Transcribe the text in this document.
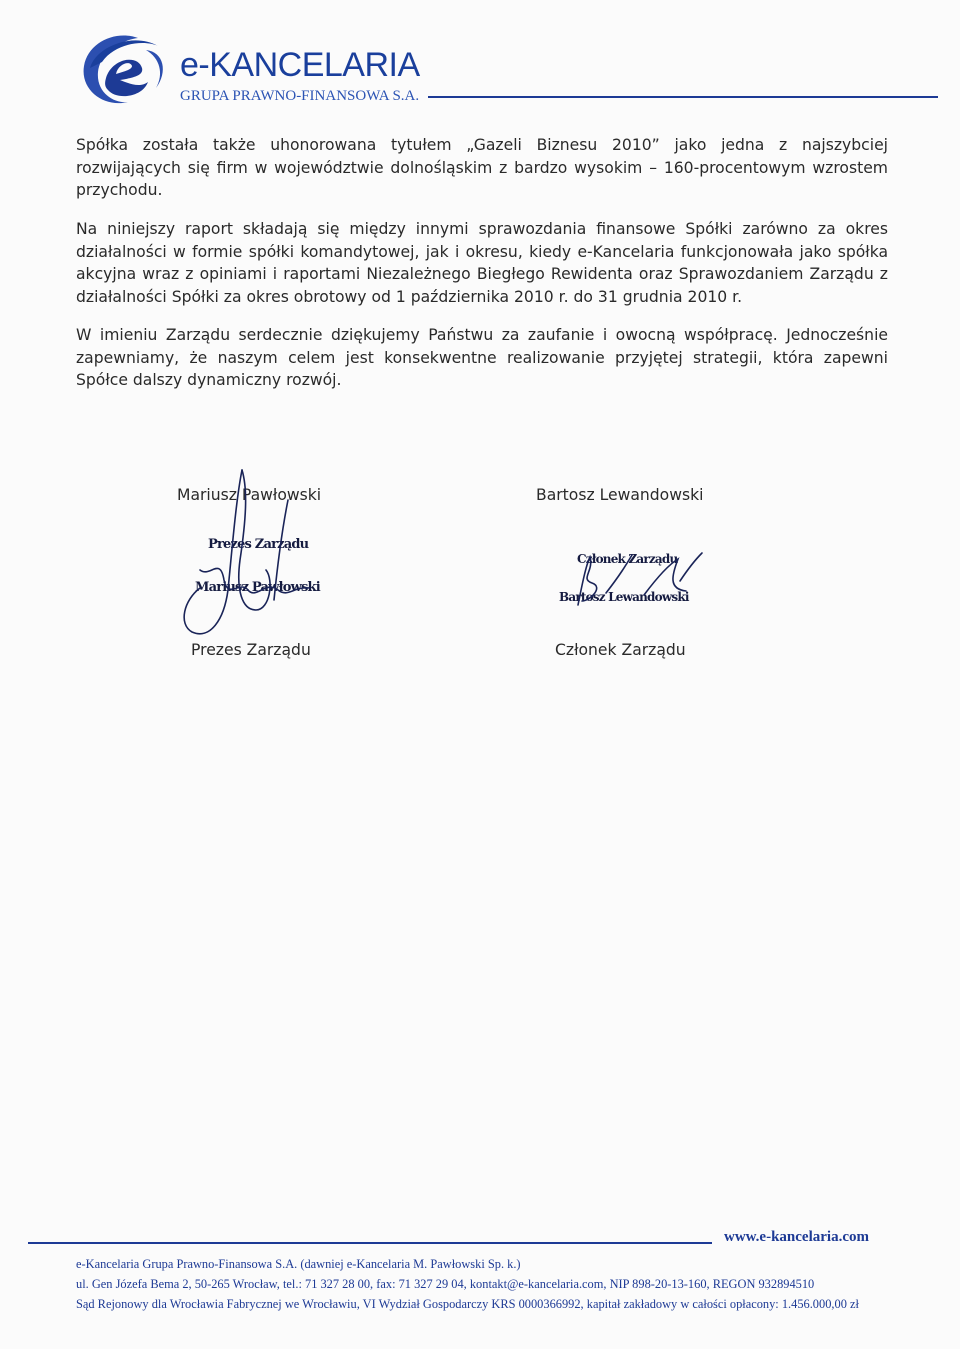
e-KANCELARIA
GRUPA PRAWNO-FINANSOWA S.A.

Spółka została także uhonorowana tytułem „Gazeli Biznesu 2010” jako jedna z najszybciej rozwijających się firm w województwie dolnośląskim z bardzo wysokim – 160-procentowym wzrostem przychodu.

Na niniejszy raport składają się między innymi sprawozdania finansowe Spółki zarówno za okres działalności w formie spółki komandytowej, jak i okresu, kiedy e-Kancelaria funkcjonowała jako spółka akcyjna wraz z opiniami i raportami Niezależnego Biegłego Rewidenta oraz Sprawozdaniem Zarządu z działalności Spółki za okres obrotowy od 1 października 2010 r. do 31 grudnia 2010 r.

W imieniu Zarządu serdecznie dziękujemy Państwu za zaufanie i owocną współpracę. Jednocześnie zapewniamy, że naszym celem jest konsekwentne realizowanie przyjętej strategii, która zapewni Spółce dalszy dynamiczny rozwój.

Mariusz Pawłowski	Bartosz Lewandowski
Prezes Zarządu
Mariusz Pawłowski
Członek Zarządu
Bartosz Lewandowski
Prezes Zarządu	Członek Zarządu
www.e-kancelaria.com
e-Kancelaria Grupa Prawno-Finansowa S.A. (dawniej e-Kancelaria M. Pawłowski Sp. k.)
ul. Gen Józefa Bema 2, 50-265 Wrocław, tel.: 71 327 28 00, fax: 71 327 29 04, kontakt@e-kancelaria.com, NIP 898-20-13-160, REGON 932894510
Sąd Rejonowy dla Wrocławia Fabrycznej we Wrocławiu, VI Wydział Gospodarczy KRS 0000366992, kapitał zakładowy w całości opłacony: 1.456.000,00 zł
